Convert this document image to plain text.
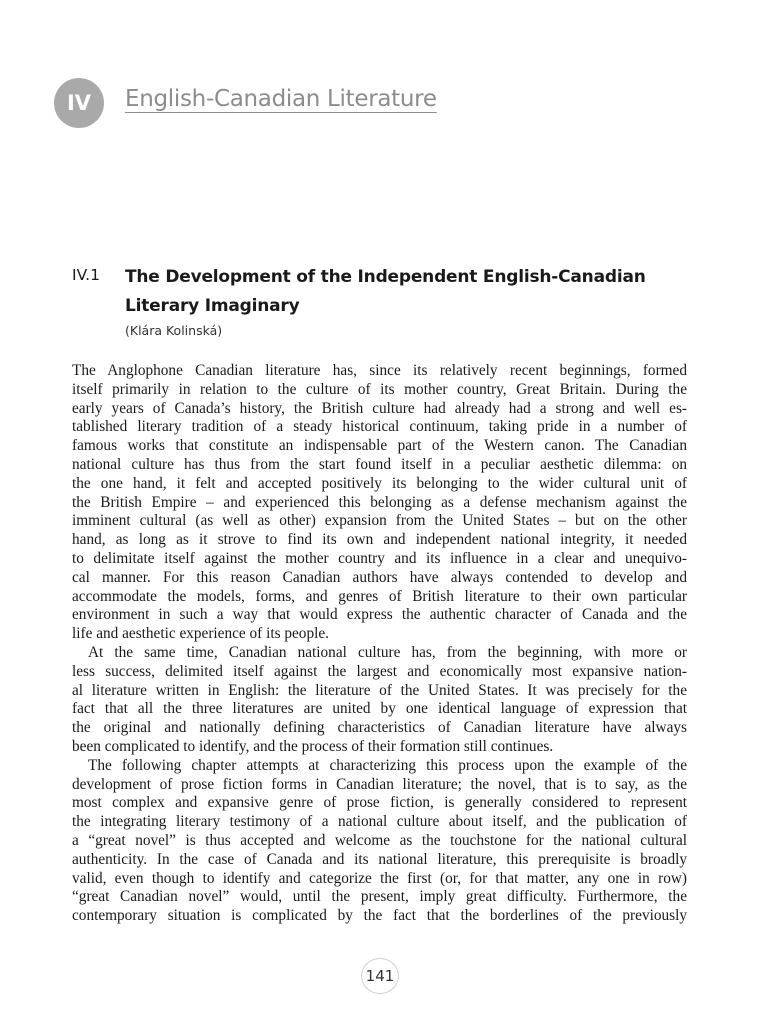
IV	English-Canadian Literature
IV.1 The Development of the Independent English-Canadian
Literary Imaginary
(Klára Kolinská)
The Anglophone Canadian literature has, since its relatively recent beginnings, formed
itself primarily in relation to the culture of its mother country, Great Britain. During the
early years of Canada’s history, the British culture had already had a strong and well es-
tablished literary tradition of a steady historical continuum, taking pride in a number of
famous works that constitute an indispensable part of the Western canon. The Canadian
national culture has thus from the start found itself in a peculiar aesthetic dilemma: on
the one hand, it felt and accepted positively its belonging to the wider cultural unit of
the British Empire – and experienced this belonging as a defense mechanism against the
imminent cultural (as well as other) expansion from the United States – but on the other
hand, as long as it strove to find its own and independent national integrity, it needed
to delimitate itself against the mother country and its influence in a clear and unequivo-
cal manner. For this reason Canadian authors have always contended to develop and
accommodate the models, forms, and genres of British literature to their own particular
environment in such a way that would express the authentic character of Canada and the
life and aesthetic experience of its people.
At the same time, Canadian national culture has, from the beginning, with more or
less success, delimited itself against the largest and economically most expansive nation-
al literature written in English: the literature of the United States. It was precisely for the
fact that all the three literatures are united by one identical language of expression that
the original and nationally defining characteristics of Canadian literature have always
been complicated to identify, and the process of their formation still continues.
The following chapter attempts at characterizing this process upon the example of the
development of prose fiction forms in Canadian literature; the novel, that is to say, as the
most complex and expansive genre of prose fiction, is generally considered to represent
the integrating literary testimony of a national culture about itself, and the publication of
a “great novel” is thus accepted and welcome as the touchstone for the national cultural
authenticity. In the case of Canada and its national literature, this prerequisite is broadly
valid, even though to identify and categorize the first (or, for that matter, any one in row)
“great Canadian novel” would, until the present, imply great difficulty. Furthermore, the
contemporary situation is complicated by the fact that the borderlines of the previously
141
